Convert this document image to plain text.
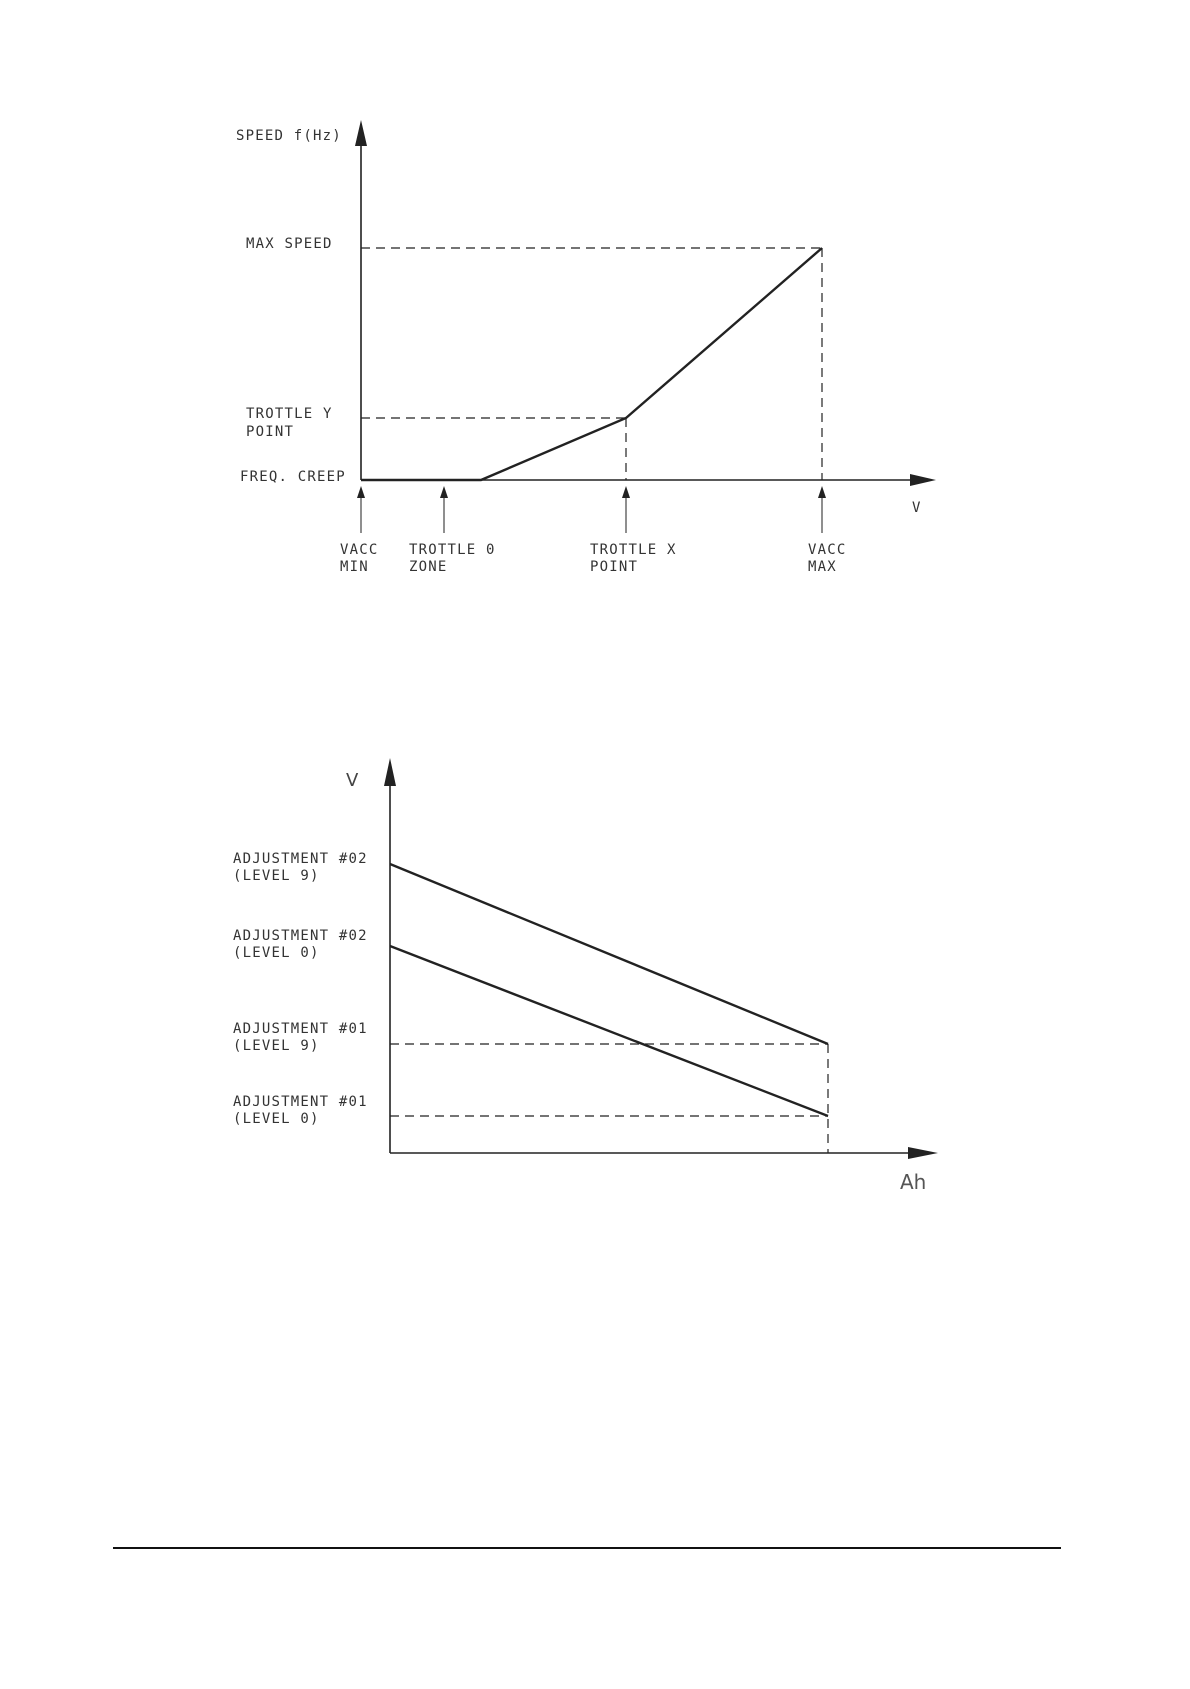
SPEED f(Hz)
V
MAX SPEED
TROTTLE Y
POINT
FREQ. CREEP
VACC
MIN
TROTTLE 0
ZONE
TROTTLE X
POINT
VACC
MAX
V
Ah
ADJUSTMENT #02
(LEVEL 9)
ADJUSTMENT #02
(LEVEL 0)
ADJUSTMENT #01
(LEVEL 9)
ADJUSTMENT #01
(LEVEL 0)
